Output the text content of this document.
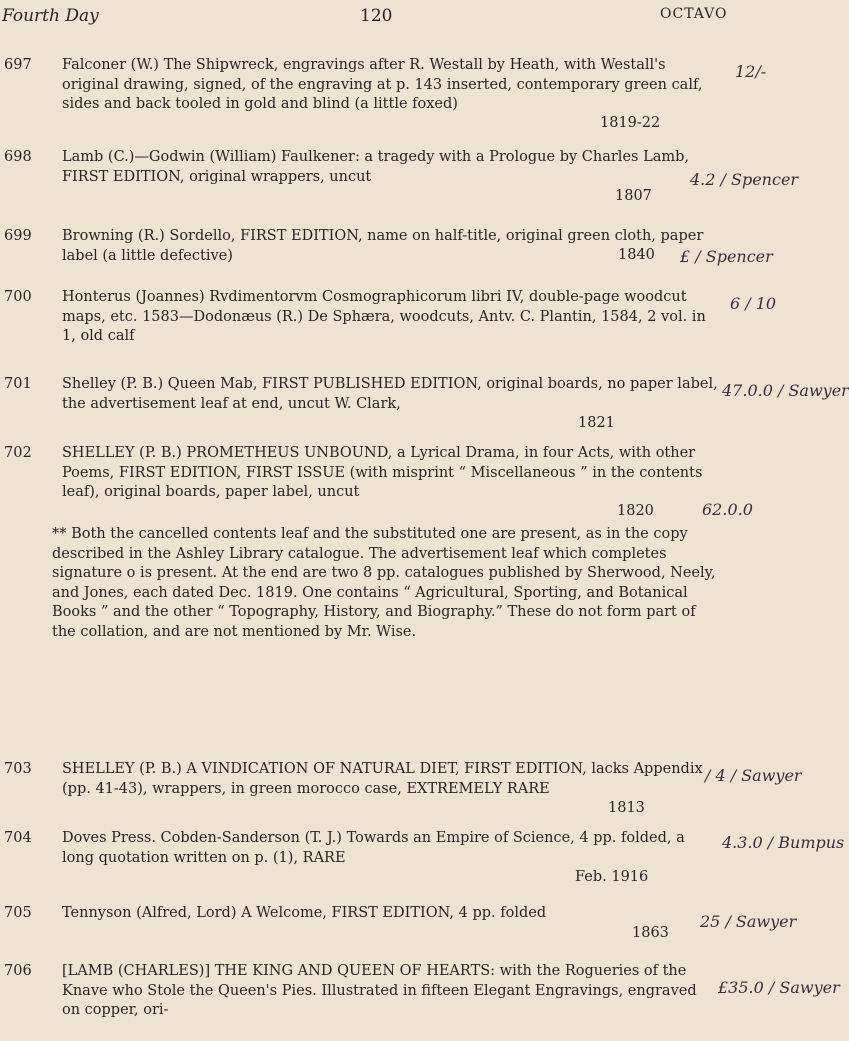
Fourth Day	120	OCTAVO
697	Falconer (W.) The Shipwreck, engravings after R. Westall by Heath, with Westall's original drawing, signed, of the engraving at p. 143 inserted, contemporary green calf, sides and back tooled in gold and blind (a little foxed)
1819-22
12/-
698	Lamb (C.)—Godwin (William) Faulkener: a tragedy with a Prologue by Charles Lamb, FIRST EDITION, original wrappers, uncut
1807
4.2 / Spencer
699	Browning (R.) Sordello, FIRST EDITION, name on half-title, original green cloth, paper label (a little defective)	1840 £ / Spencer
700	Honterus (Joannes) Rvdimentorvm Cosmographicorum libri IV, double-page woodcut maps, etc. 1583—Dodonæus (R.) De Sphæra, woodcuts, Antv. C. Plantin, 1584, 2 vol. in 1, old calf
6 / 10
701	Shelley (P. B.) Queen Mab, FIRST PUBLISHED EDITION, original boards, no paper label, the advertisement leaf at end, uncut W. Clark,
1821
47.0.0 / Sawyer
702	SHELLEY (P. B.) PROMETHEUS UNBOUND, a Lyrical Drama, in four Acts, with other Poems, FIRST EDITION, FIRST ISSUE (with misprint “ Miscellaneous ” in the contents leaf), original boards, paper label, uncut
1820	62.0.0
** Both the cancelled contents leaf and the substituted one are present, as in the copy described in the Ashley Library catalogue. The advertisement leaf which completes signature o is present. At the end are two 8 pp. catalogues published by Sherwood, Neely, and Jones, each dated Dec. 1819. One contains “ Agricultural, Sporting, and Botanical Books ” and the other “ Topography, History, and Biography.” These do not form part of the collation, and are not mentioned by Mr. Wise.
703	SHELLEY (P. B.) A VINDICATION OF NATURAL DIET, FIRST EDITION, lacks Appendix (pp. 41-43), wrappers, in green morocco case, EXTREMELY RARE
1813
/ 4 / Sawyer
704	Doves Press. Cobden-Sanderson (T. J.) Towards an Empire of Science, 4 pp. folded, a long quotation written on p. (1), RARE
Feb. 1916
4.3.0 / Bumpus
705	Tennyson (Alfred, Lord) A Welcome, FIRST EDITION, 4 pp. folded
1863
25 / Sawyer
706	[LAMB (CHARLES)] THE KING AND QUEEN OF HEARTS: with the Rogueries of the Knave who Stole the Queen's Pies. Illustrated in fifteen Elegant Engravings, engraved on copper, ori-
£35.0 / Sawyer
